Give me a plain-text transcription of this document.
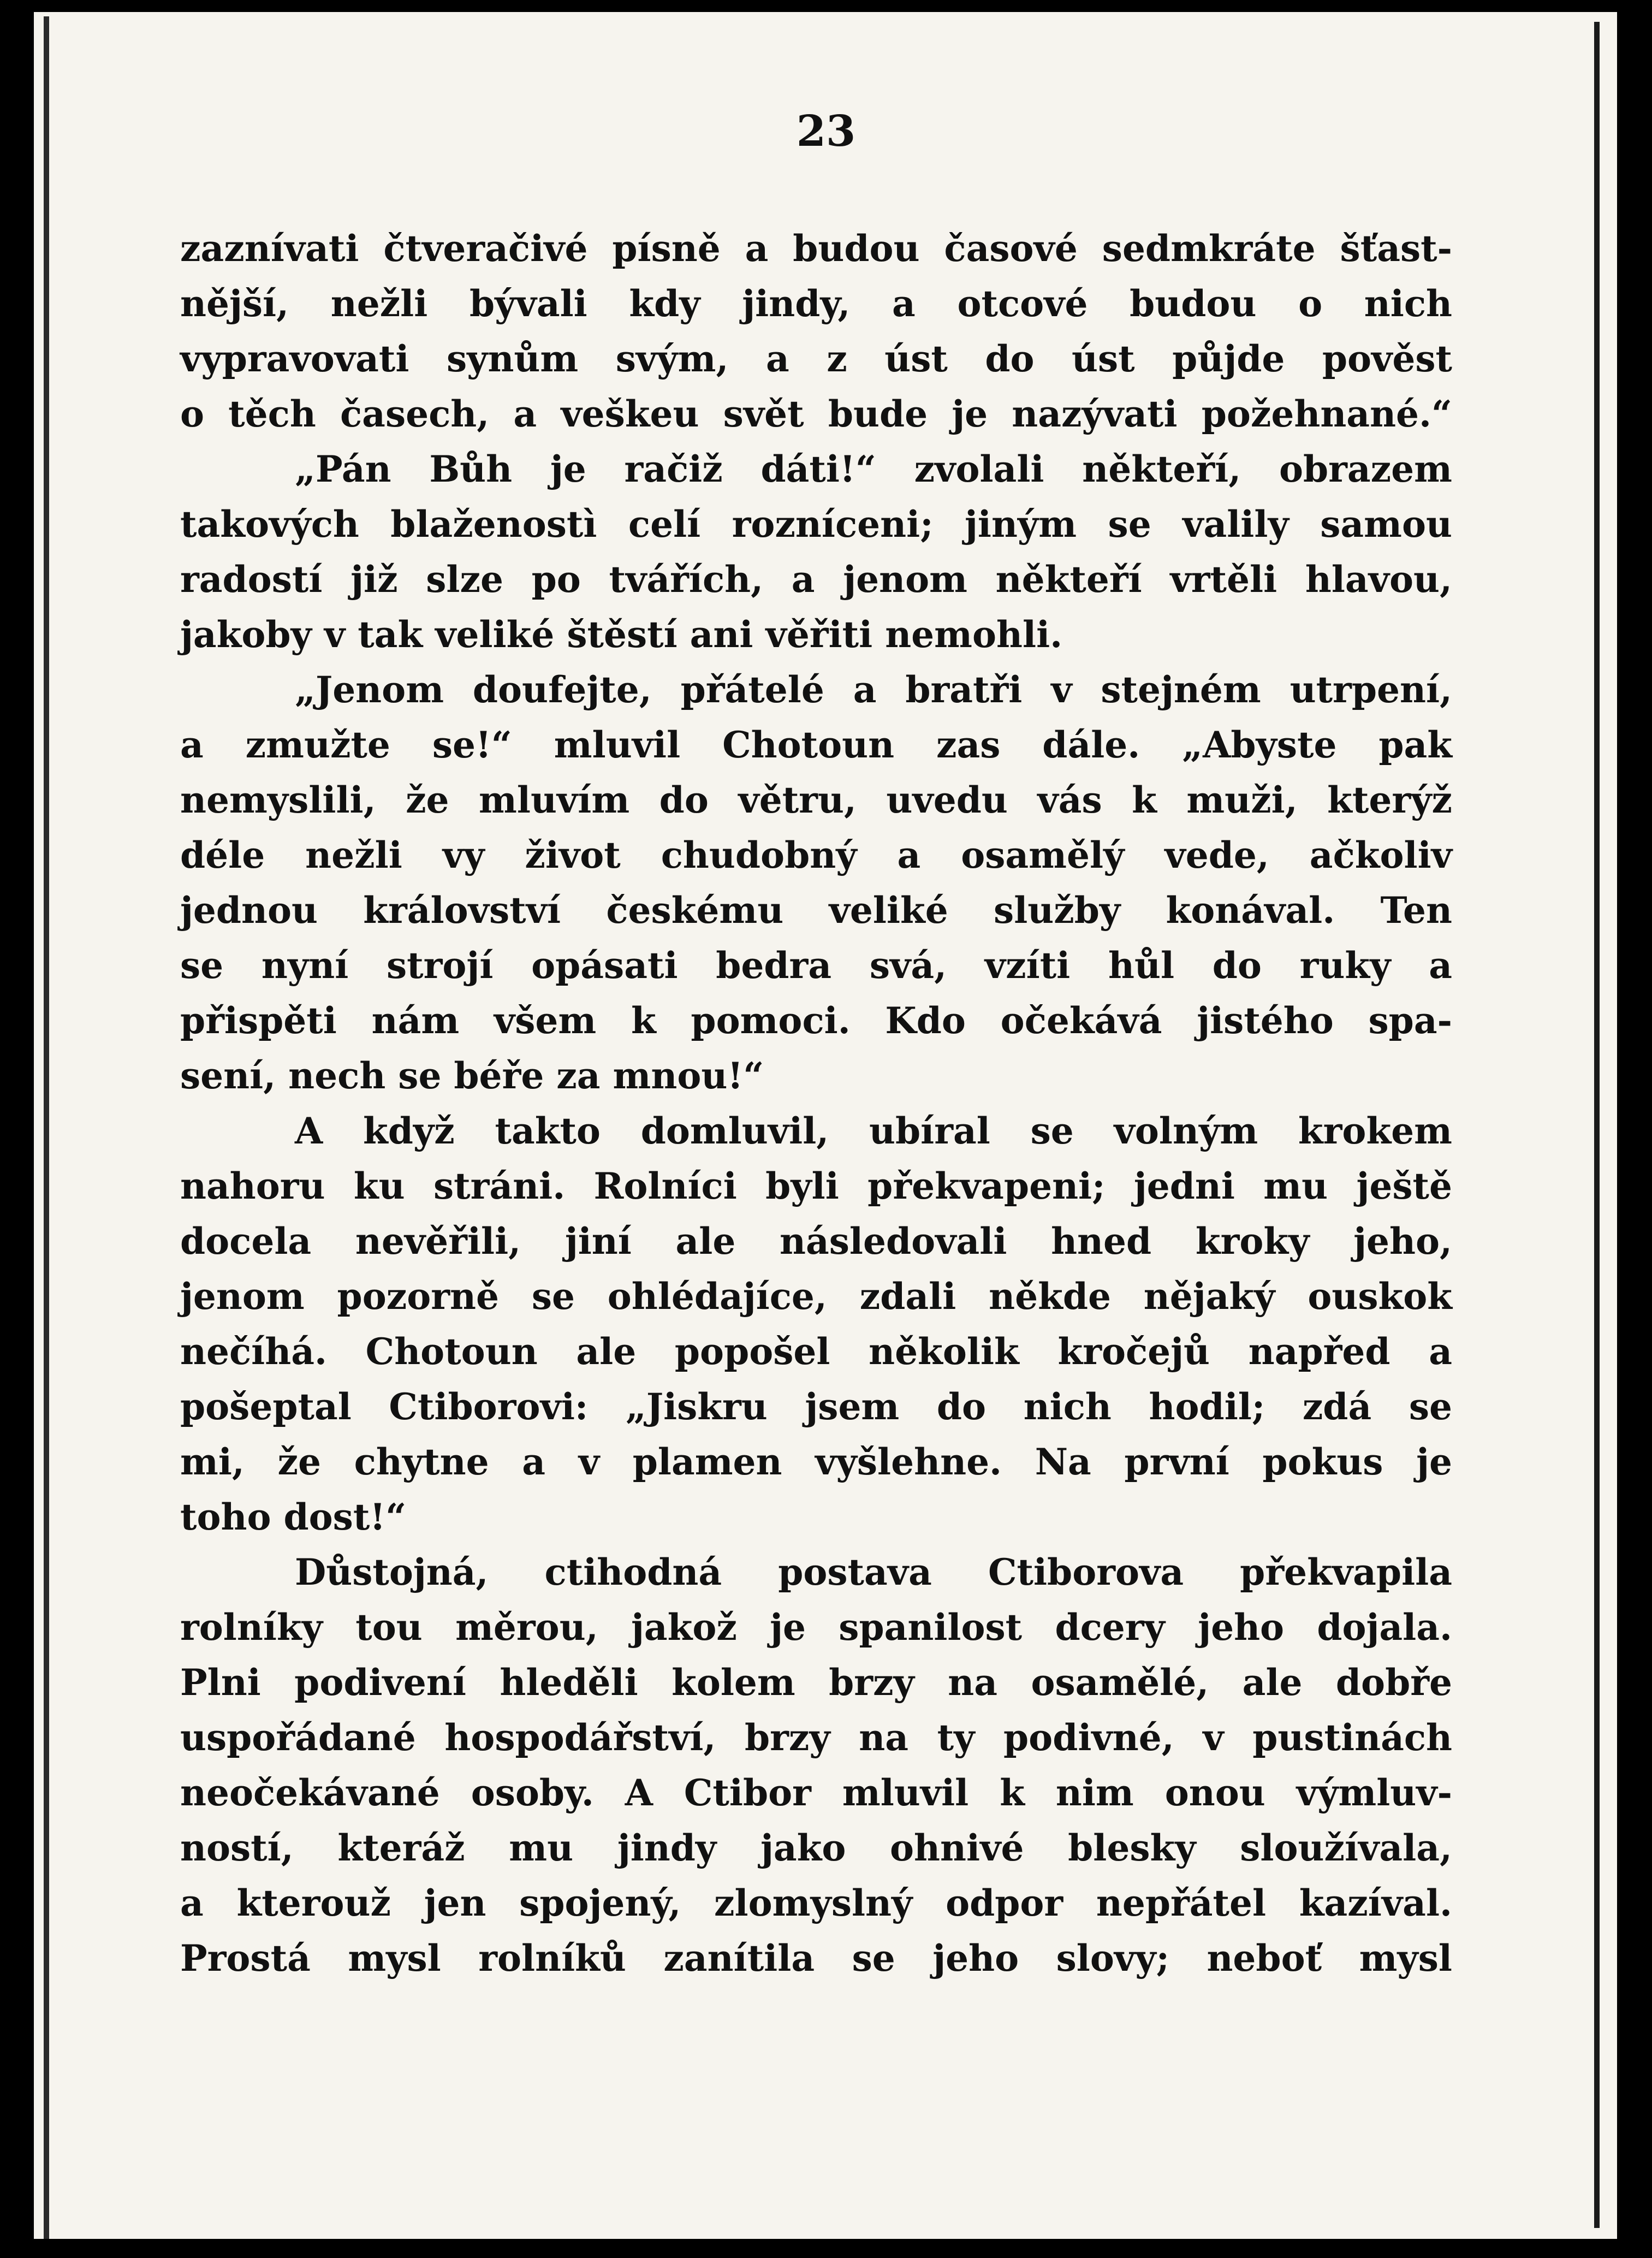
23
zaznívati čtveračivé písně a budou časové sedmkráte šťast-
nější, nežli bývali kdy jindy, a otcové budou o nich
vypravovati synům svým, a z úst do úst půjde pověst
o těch časech, a veškeu svět bude je nazývati požehnané.“
„Pán Bůh je račiž dáti!“ zvolali někteří, obrazem
takových blaženostì celí rozníceni; jiným se valily samou
radostí již slze po tvářích, a jenom někteří vrtěli hlavou,
jakoby v tak veliké štěstí ani věřiti nemohli.
„Jenom doufejte, přátelé a bratři v stejném utrpení,
a zmužte se!“ mluvil Chotoun zas dále. „Abyste pak
nemyslili, že mluvím do větru, uvedu vás k muži, kterýž
déle nežli vy život chudobný a osamělý vede, ačkoliv
jednou království českému veliké služby konával. Ten
se nyní strojí opásati bedra svá, vzíti hůl do ruky a
přispěti nám všem k pomoci. Kdo očekává jistého spa-
sení, nech se béře za mnou!“
A když takto domluvil, ubíral se volným krokem
nahoru ku stráni. Rolníci byli překvapeni; jedni mu ještě
docela nevěřili, jiní ale následovali hned kroky jeho,
jenom pozorně se ohlédajíce, zdali někde nějaký ouskok
nečíhá. Chotoun ale popošel několik kročejů napřed a
pošeptal Ctiborovi: „Jiskru jsem do nich hodil; zdá se
mi, že chytne a v plamen vyšlehne. Na první pokus je
toho dost!“
Důstojná, ctihodná postava Ctiborova překvapila
rolníky tou měrou, jakož je spanilost dcery jeho dojala.
Plni podivení hleděli kolem brzy na osamělé, ale dobře
uspořádané hospodářství, brzy na ty podivné, v pustinách
neočekávané osoby. A Ctibor mluvil k nim onou výmluv-
ností, kteráž mu jindy jako ohnivé blesky sloužívala,
a kterouž jen spojený, zlomyslný odpor nepřátel kazíval.
Prostá mysl rolníků zanítila se jeho slovy; neboť mysl
